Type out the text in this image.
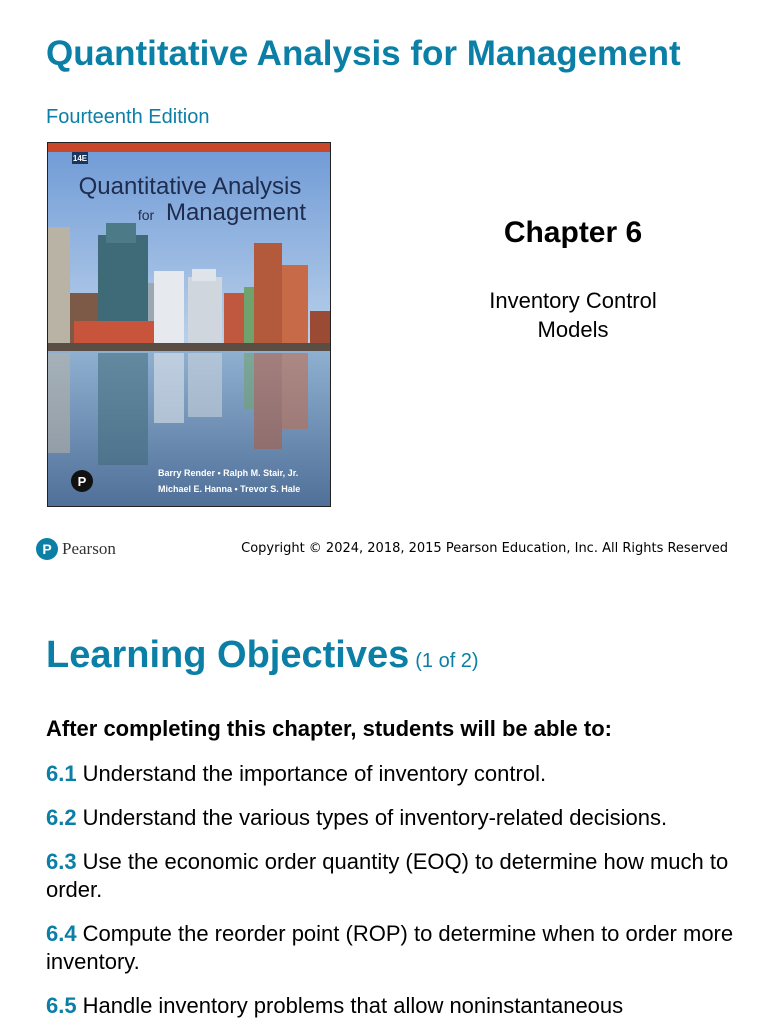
Quantitative Analysis for Management
Fourteenth Edition
14E
Quantitative Analysis
for Management
Barry Render • Ralph M. Stair, Jr.
Michael E. Hanna • Trevor S. Hale
P
Chapter 6
Inventory Control Models
P Pearson	Copyright © 2024, 2018, 2015 Pearson Education, Inc. All Rights Reserved
Learning Objectives (1 of 2)
After completing this chapter, students will be able to:
6.1 Understand the importance of inventory control.
6.2 Understand the various types of inventory-related decisions.
6.3 Use the economic order quantity (EOQ) to determine how much to order.
6.4 Compute the reorder point (ROP) to determine when to order more inventory.
6.5 Handle inventory problems that allow noninstantaneous
